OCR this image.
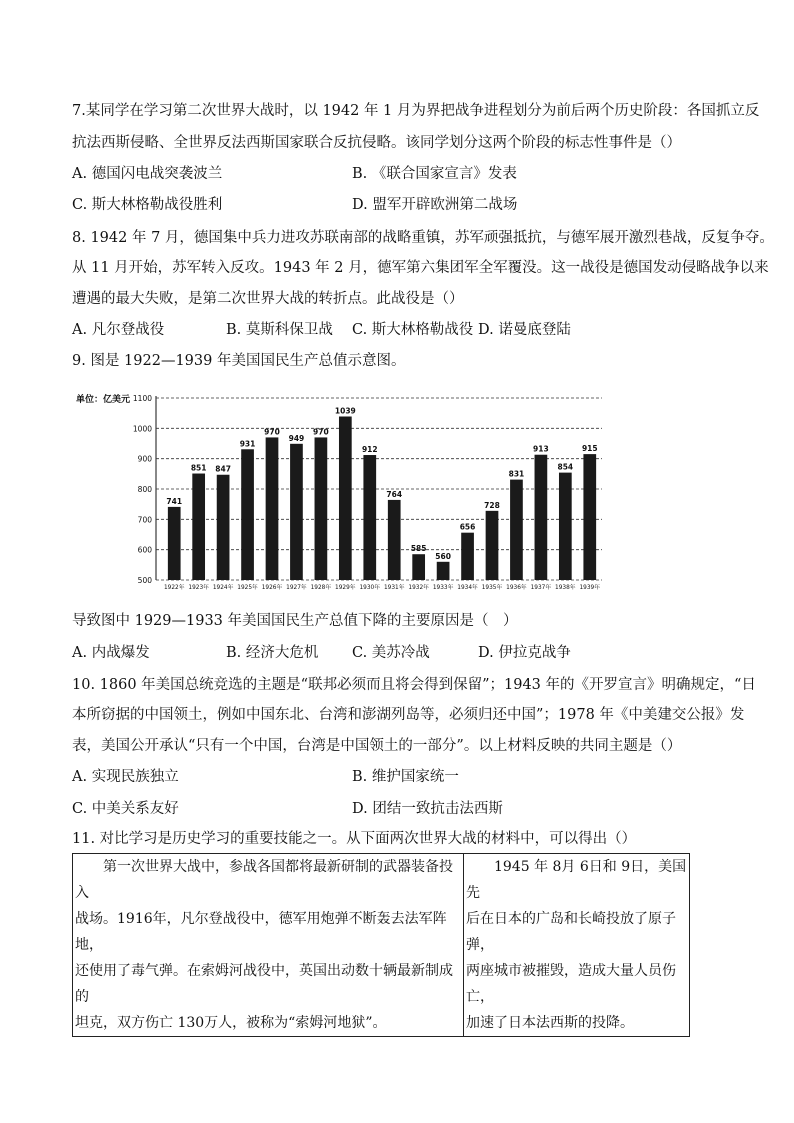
7.某同学在学习第二次世界大战时，以 1942 年 1 月为界把战争进程划分为前后两个历史阶段：各国抓立反
抗法西斯侵略、全世界反法西斯国家联合反抗侵略。该同学划分这两个阶段的标志性事件是（）
A. 德国闪电战突袭波兰	B. 《联合国家宣言》发表
C. 斯大林格勒战役胜利	D. 盟军开辟欧洲第二战场
8. 1942 年 7 月，德国集中兵力进攻苏联南部的战略重镇，苏军顽强抵抗，与德军展开激烈巷战，反复争夺。
从 11 月开始，苏军转入反攻。1943 年 2 月，德军第六集团军全军覆没。这一战役是德国发动侵略战争以来
遭遇的最大失败，是第二次世界大战的转折点。此战役是（）
A. 凡尔登战役	B. 莫斯科保卫战 C. 斯大林格勒战役 D. 诺曼底登陆
9. 图是 1922—1939 年美国国民生产总值示意图。
单位：亿美元
741
851 847
931
970
949
970
1039
912
764
585
560
656
728
831
913
854
915
500
600
700
800
900
1000
1100
1922年 1923年 1924年 1925年 1926年 1927年 1928年 1929年 1930年 1931年 1932年 1933年 1934年 1935年 1936年 1937年 1938年 1939年
导致图中 1929—1933 年美国国民生产总值下降的主要原因是（　）
A. 内战爆发	B. 经济大危机 C. 美苏冷战	D. 伊拉克战争
10. 1860 年美国总统竞选的主题是“联邦必须而且将会得到保留”；1943 年的《开罗宣言》明确规定，“日
本所窃据的中国领土，例如中国东北、台湾和澎湖列岛等，必须归还中国”；1978 年《中美建交公报》发
表，美国公开承认“只有一个中国，台湾是中国领土的一部分”。以上材料反映的共同主题是（）
A. 实现民族独立	B. 维护国家统一
C. 中美关系友好	D. 团结一致抗击法西斯
11. 对比学习是历史学习的重要技能之一。从下面两次世界大战的材料中，可以得出（）
第一次世界大战中，参战各国都将最新研制的武器装备投入
战场。1916年，凡尔登战役中，德军用炮弹不断轰去法军阵地，
还使用了毒气弹。在索姆河战役中，英国出动数十辆最新制成的
坦克，双方伤亡 130万人，被称为“索姆河地狱”。

1945 年 8月 6日和 9日，美国先
后在日本的广岛和长崎投放了原子弹，
两座城市被摧毁，造成大量人员伤亡，
加速了日本法西斯的投降。
